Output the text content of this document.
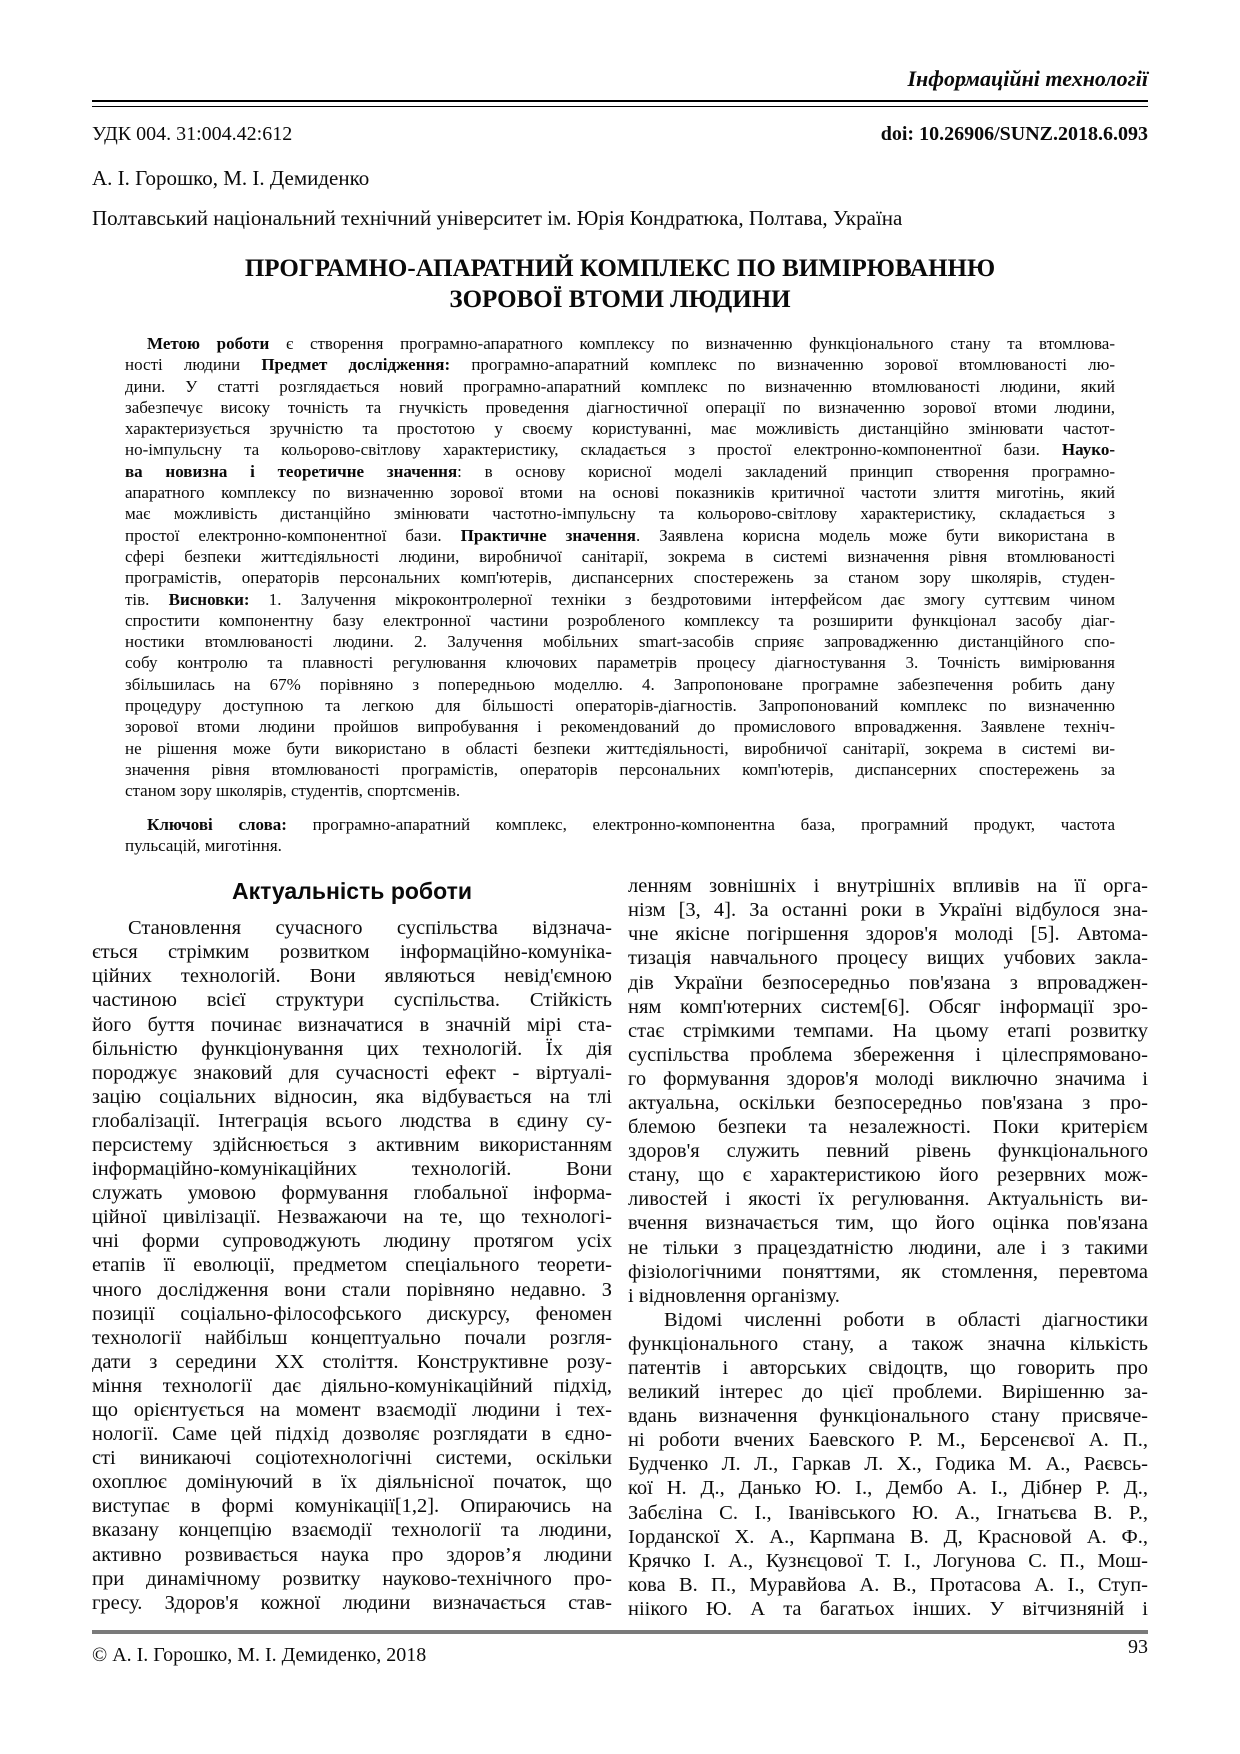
Інформаційні технології
УДК 004. 31:004.42:612	doi: 10.26906/SUNZ.2018.6.093
А. І. Горошко, М. І. Демиденко
Полтавський національний технічний університет ім. Юрія Кондратюка, Полтава, Україна
ПРОГРАМНО-АПАРАТНИЙ КОМПЛЕКС ПО ВИМІРЮВАННЮ
ЗОРОВОЇ ВТОМИ ЛЮДИНИ
Метою роботи є створення програмно-апаратного комплексу по визначенню функціонального стану та втомлюва-
ності людини Предмет дослідження: програмно-апаратний комплекс по визначенню зорової втомлюваності лю-
дини. У статті розглядається новий програмно-апаратний комплекс по визначенню втомлюваності людини, який
забезпечує високу точність та гнучкість проведення діагностичної операції по визначенню зорової втоми людини,
характеризується зручністю та простотою у своєму користуванні, має можливість дистанційно змінювати частот-
но-імпульсну та кольорово-світлову характеристику, складається з простої електронно-компонентної бази. Науко-
ва новизна і теоретичне значення: в основу корисної моделі закладений принцип створення програмно-
апаратного комплексу по визначенню зорової втоми на основі показників критичної частоти злиття миготінь, який
має можливість дистанційно змінювати частотно-імпульсну та кольорово-світлову характеристику, складається з
простої електронно-компонентної бази. Практичне значення. Заявлена корисна модель може бути використана в
сфері безпеки життєдіяльності людини, виробничої санітарії, зокрема в системі визначення рівня втомлюваності
програмістів, операторів персональних комп'ютерів, диспансерних спостережень за станом зору школярів, студен-
тів. Висновки: 1. Залучення мікроконтролерної техніки з бездротовими інтерфейсом дає змогу суттєвим чином
спростити компонентну базу електронної частини розробленого комплексу та розширити функціонал засобу діаг-
ностики втомлюваності людини. 2. Залучення мобільних smart-засобів сприяє запровадженню дистанційного спо-
собу контролю та плавності регулювання ключових параметрів процесу діагностування 3. Точність вимірювання
збільшилась на 67% порівняно з попередньою моделлю. 4. Запропоноване програмне забезпечення робить дану
процедуру доступною та легкою для більшості операторів-діагностів. Запропонований комплекс по визначенню
зорової втоми людини пройшов випробування і рекомендований до промислового впровадження. Заявлене техніч-
не рішення може бути використано в області безпеки життєдіяльності, виробничої санітарії, зокрема в системі ви-
значення рівня втомлюваності програмістів, операторів персональних комп'ютерів, диспансерних спостережень за
станом зору школярів, студентів, спортсменів.
Ключові слова: програмно-апаратний комплекс, електронно-компонентна база, програмний продукт, частота
пульсацій, миготіння.
Актуальність роботи
Становлення сучасного суспільства відзнача-
ється стрімким розвитком інформаційно-комуніка-
ційних технологій. Вони являються невід'ємною
частиною всієї структури суспільства. Стійкість
його буття починає визначатися в значній мірі ста-
більністю функціонування цих технологій. Їх дія
породжує знаковий для сучасності ефект - віртуалі-
зацію соціальних відносин, яка відбувається на тлі
глобалізації. Інтеграція всього людства в єдину су-
персистему здійснюється з активним використанням
інформаційно-комунікаційних технологій. Вони
служать умовою формування глобальної інформа-
ційної цивілізації. Незважаючи на те, що технологі-
чні форми супроводжують людину протягом усіх
етапів її еволюції, предметом спеціального теорети-
чного дослідження вони стали порівняно недавно. З
позиції соціально-філософського дискурсу, феномен
технології найбільш концептуально почали розгля-
дати з середини XX століття. Конструктивне розу-
міння технології дає діяльно-комунікаційний підхід,
що орієнтується на момент взаємодії людини і тех-
нології. Саме цей підхід дозволяє розглядати в єдно-
сті виникаючі соціотехнологічні системи, оскільки
охоплює домінуючий в їх діяльнісної початок, що
виступає в формі комунікації[1,2]. Опираючись на
вказану концепцію взаємодії технології та людини,
активно розвивається наука про здоров’я людини
при динамічному розвитку науково-технічного про-
гресу. Здоров'я кожної людини визначається став-
ленням зовнішніх і внутрішніх впливів на її орга-
нізм [3, 4]. За останні роки в Україні відбулося зна-
чне якісне погіршення здоров'я молоді [5]. Автома-
тизація навчального процесу вищих учбових закла-
дів України безпосередньо пов'язана з впроваджен-
ням комп'ютерних систем[6]. Обсяг інформації зро-
стає стрімкими темпами. На цьому етапі розвитку
суспільства проблема збереження і цілеспрямовано-
го формування здоров'я молоді виключно значима і
актуальна, оскільки безпосередньо пов'язана з про-
блемою безпеки та незалежності. Поки критерієм
здоров'я служить певний рівень функціонального
стану, що є характеристикою його резервних мож-
ливостей і якості їх регулювання. Актуальність ви-
вчення визначається тим, що його оцінка пов'язана
не тільки з працездатністю людини, але і з такими
фізіологічними поняттями, як стомлення, перевтома
і відновлення організму.
Відомі численні роботи в області діагностики
функціонального стану, а також значна кількість
патентів і авторських свідоцтв, що говорить про
великий інтерес до цієї проблеми. Вирішенню за-
вдань визначення функціонального стану присвяче-
ні роботи вчених Баевского Р. М., Берсенєвої А. П.,
Будченко Л. Л., Гаркав Л. Х., Годика М. А., Раєвсь-
кої Н. Д., Данько Ю. І., Дембо А. І., Дібнер Р. Д.,
Забєліна С. І., Іванівського Ю. А., Ігнатьєва В. Р.,
Іорданскої Х. А., Карпмана В. Д, Красновой А. Ф.,
Крячко І. А., Кузнєцової Т. І., Логунова С. П., Мош-
кова В. П., Муравйова А. В., Протасова А. І., Ступ-
ніікого Ю. А та багатьох інших. У вітчизняній і
© А. І. Горошко, М. І. Демиденко, 2018	93
